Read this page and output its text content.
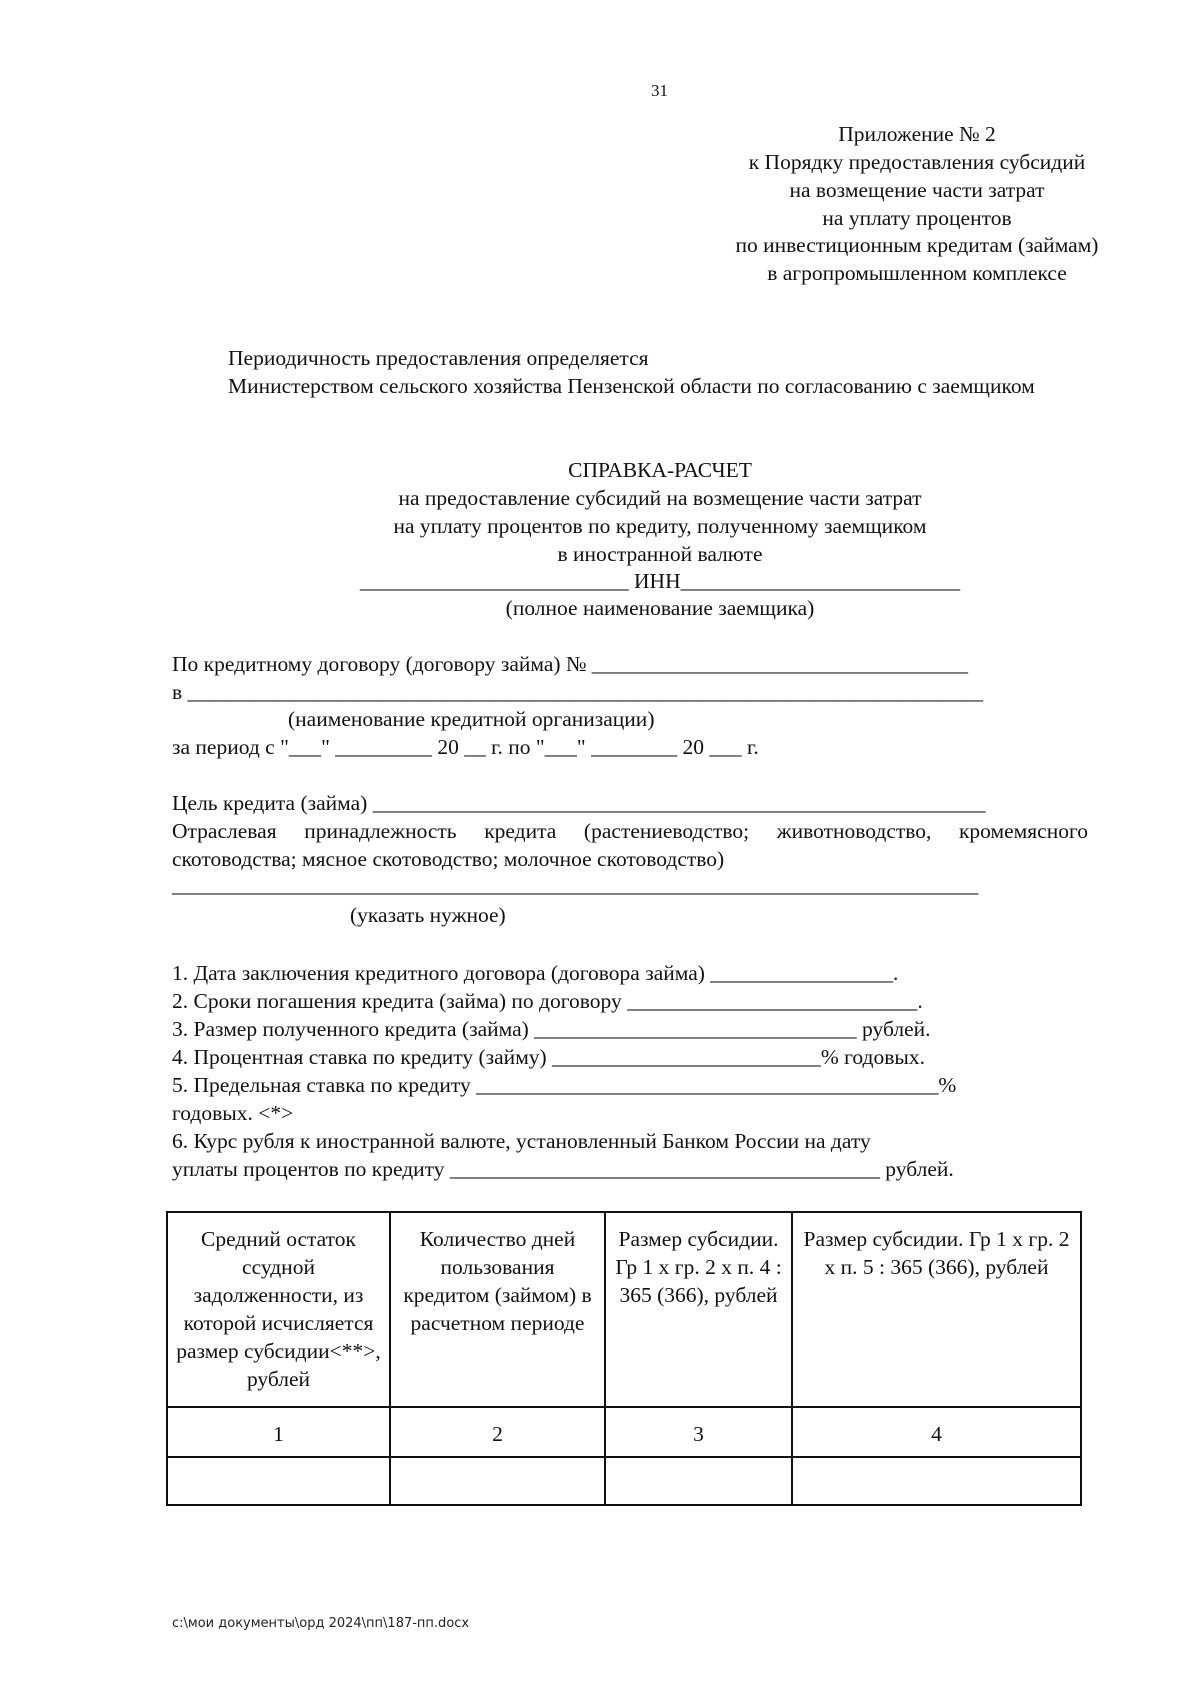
31
Приложение № 2
к Порядку предоставления субсидий
на возмещение части затрат
на уплату процентов
по инвестиционным кредитам (займам)
в агропромышленном комплексе
Периодичность предоставления определяется
Министерством сельского хозяйства Пензенской области по согласованию с заемщиком
СПРАВКА-РАСЧЕТ
на предоставление субсидий на возмещение части затрат
на уплату процентов по кредиту, полученному заемщиком
в иностранной валюте
_________________________ ИНН__________________________
(полное наименование заемщика)
По кредитному договору (договору займа) № ___________________________________
в __________________________________________________________________________
(наименование кредитной организации)
за период с "___" _________ 20 __ г. по "___" ________ 20 ___ г.
Цель кредита (займа) _________________________________________________________
Отраслевая принадлежность кредита (растениеводство; животноводство, кромемясного
скотоводства; мясное скотоводство; молочное скотоводство)
___________________________________________________________________________
(указать нужное)
1. Дата заключения кредитного договора (договора займа) _________________.
2. Сроки погашения кредита (займа) по договору ___________________________.
3. Размер полученного кредита (займа) ______________________________ рублей.
4. Процентная ставка по кредиту (займу) _________________________% годовых.
5. Предельная ставка по кредиту ___________________________________________%
годовых. <*>
6. Курс рубля к иностранной валюте, установленный Банком России на дату
уплаты процентов по кредиту ________________________________________ рублей.
Средний остаток ссудной задолженности, из которой исчисляется размер субсидии<**>, рублей	Количество дней пользования кредитом (займом) в расчетном периоде	Размер субсидии. Гр 1 х гр. 2 х п. 4 : 365 (366), рублей	Размер субсидии. Гр 1 х гр. 2 х п. 5 : 365 (366), рублей
1	2	3	4

c:\мои документы\орд 2024\пп\187-пп.docx
